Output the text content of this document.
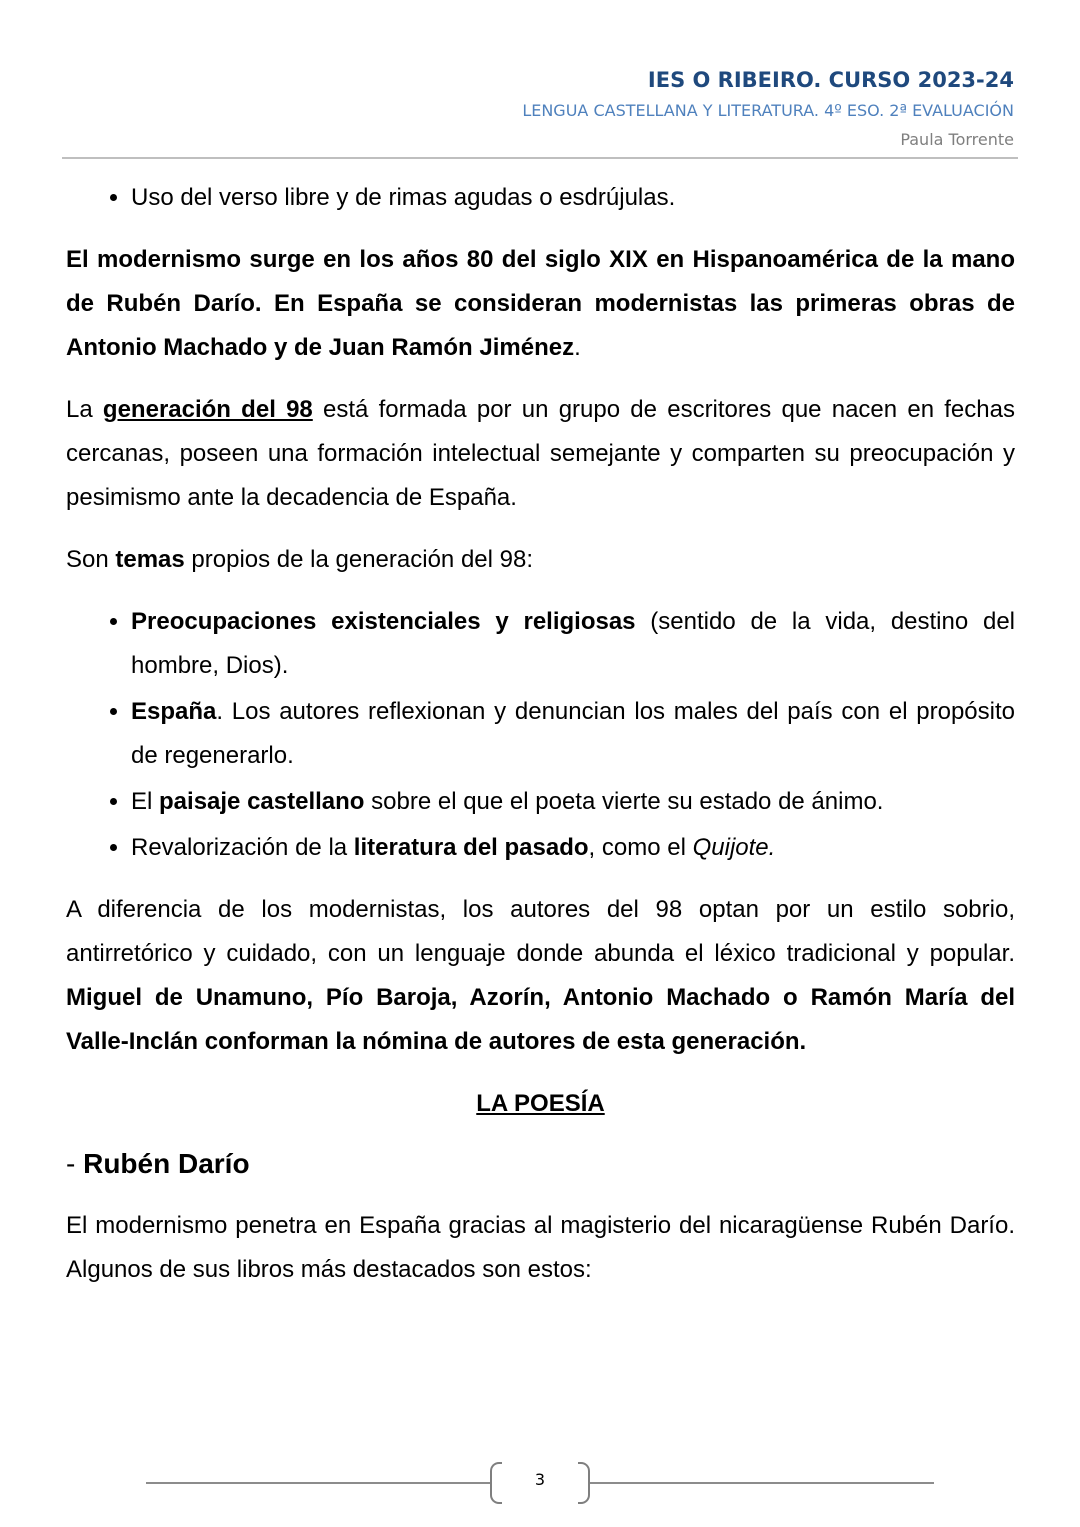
IES O RIBEIRO. CURSO 2023-24
LENGUA CASTELLANA Y LITERATURA. 4º ESO. 2ª EVALUACIÓN
Paula Torrente
• Uso del verso libre y de rimas agudas o esdrújulas.

El modernismo surge en los años 80 del siglo XIX en Hispanoamérica de la mano de Rubén Darío. En España se consideran modernistas las primeras obras de Antonio Machado y de Juan Ramón Jiménez.

La generación del 98 está formada por un grupo de escritores que nacen en fechas cercanas, poseen una formación intelectual semejante y comparten su preocupación y pesimismo ante la decadencia de España.

Son temas propios de la generación del 98:

• Preocupaciones existenciales y religiosas (sentido de la vida, destino del hombre, Dios).
• España. Los autores reflexionan y denuncian los males del país con el propósito de regenerarlo.
• El paisaje castellano sobre el que el poeta vierte su estado de ánimo.
• Revalorización de la literatura del pasado, como el Quijote.

A diferencia de los modernistas, los autores del 98 optan por un estilo sobrio, antirretórico y cuidado, con un lenguaje donde abunda el léxico tradicional y popular. Miguel de Unamuno, Pío Baroja, Azorín, Antonio Machado o Ramón María del Valle-Inclán conforman la nómina de autores de esta generación.

LA POESÍA
- Rubén Darío

El modernismo penetra en España gracias al magisterio del nicaragüense Rubén Darío. Algunos de sus libros más destacados son estos:

3
